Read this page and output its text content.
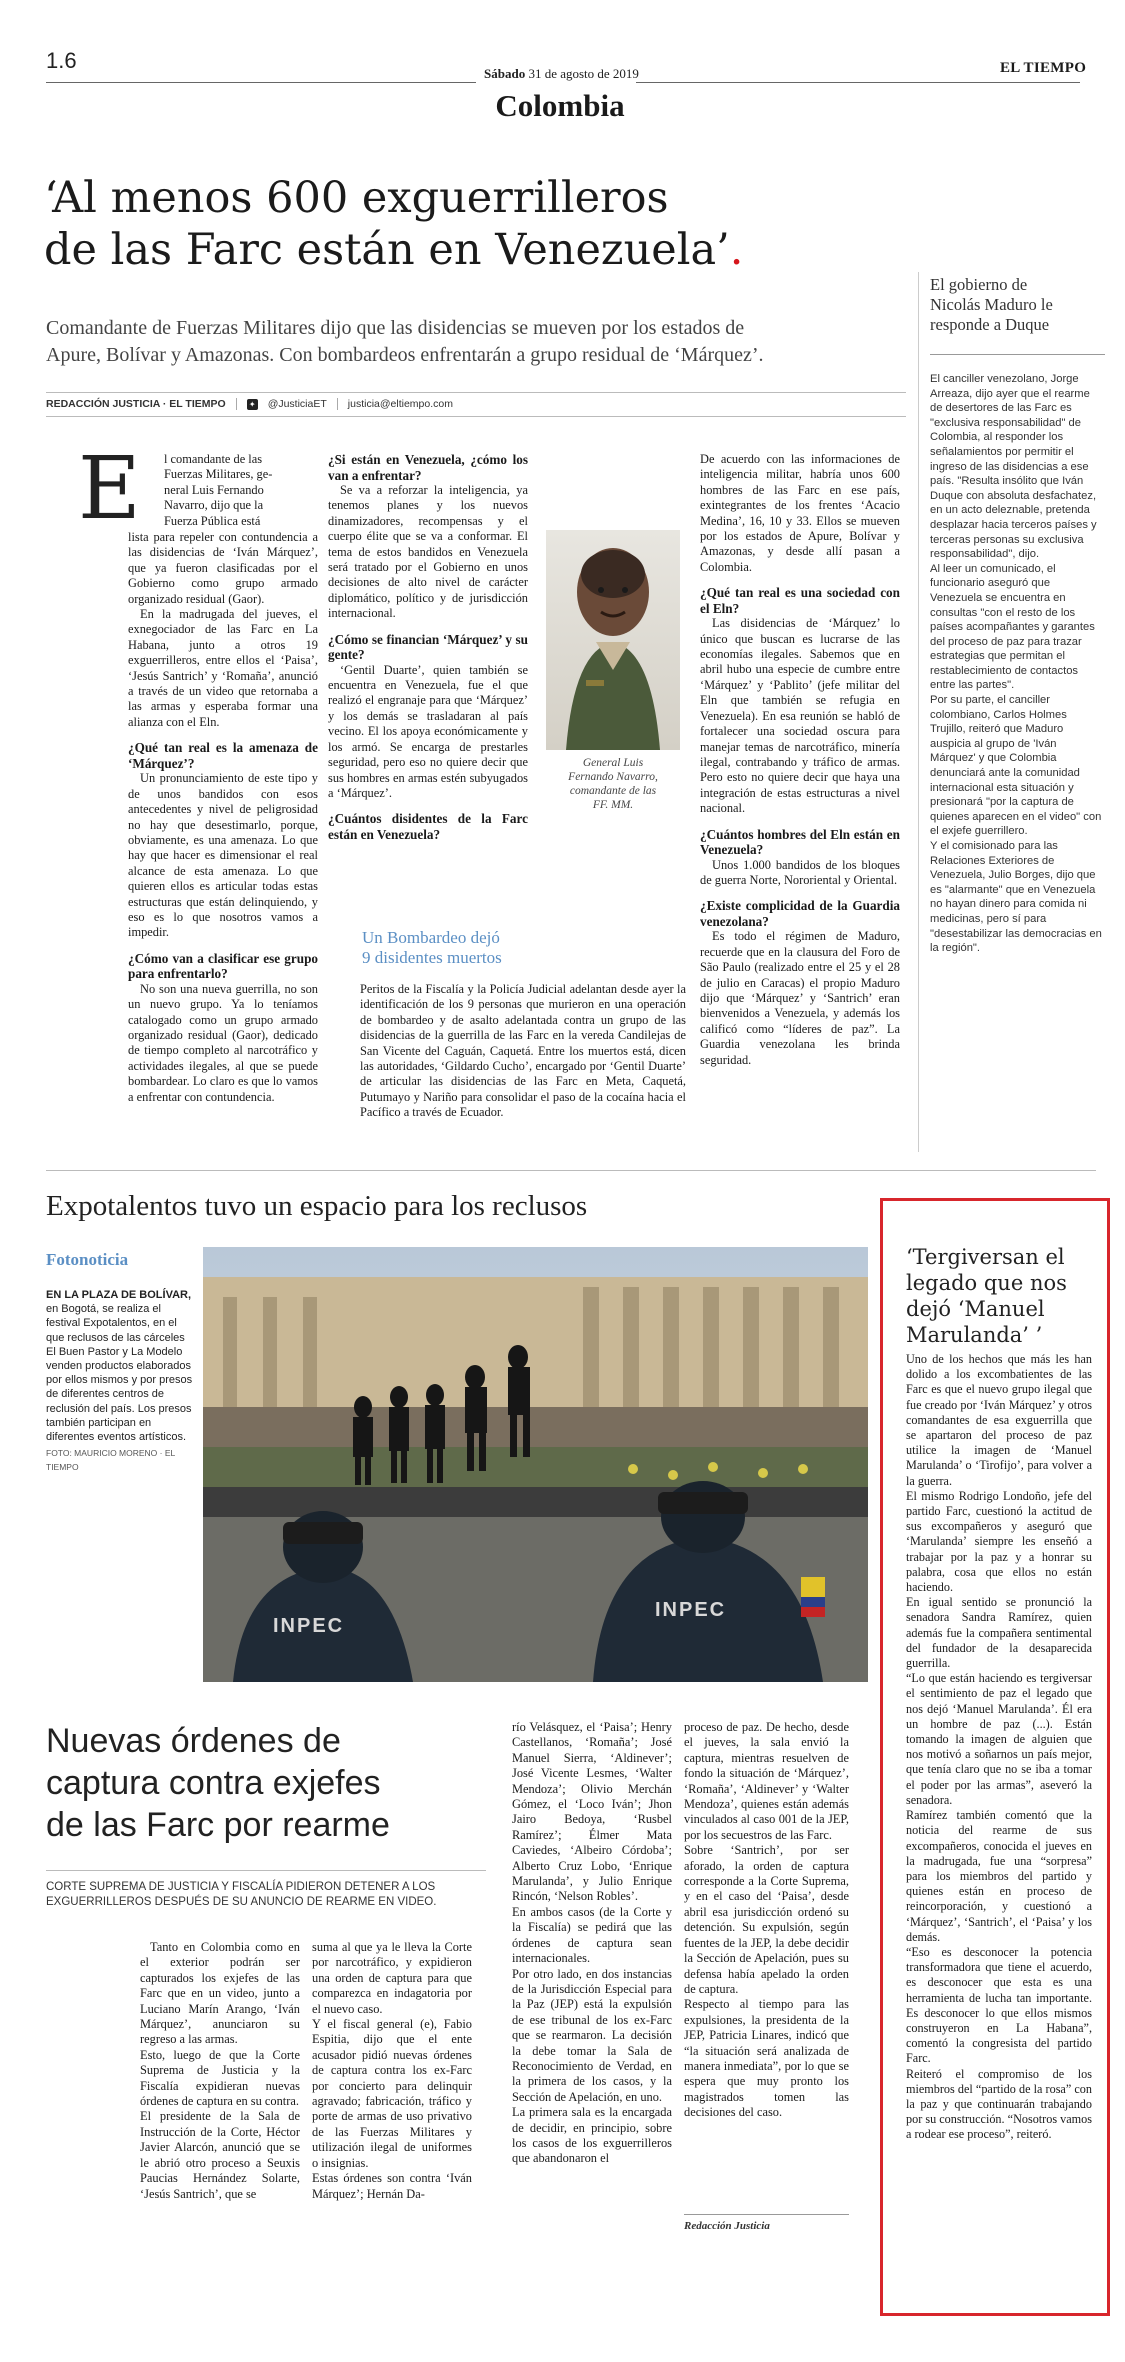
1.6
Sábado 31 de agosto de 2019	EL TIEMPO
Colombia
‘Al menos 600 exguerrilleros
de las Farc están en Venezuela’.
Comandante de Fuerzas Militares dijo que las disidencias se mueven por los estados de
Apure, Bolívar y Amazonas. Con bombardeos enfrentarán a grupo residual de ‘Márquez’.
REDACCIÓN JUSTICIA · EL TIEMPO	✦ @JusticiaET justicia@eltiempo.com
E l comandante de las
Fuerzas Militares, ge-
neral Luis Fernando
Navarro, dijo que la
Fuerza Pública está

lista para repeler con contundencia a las disidencias de ‘Iván Márquez’, que ya fueron clasificadas por el Gobierno como grupo armado organizado residual (Gaor).

En la madrugada del jueves, el exnegociador de las Farc en La Habana, junto a otros 19 exguerrilleros, entre ellos el ‘Paisa’, ‘Jesús Santrich’ y ‘Romaña’, anunció a través de un video que retornaba a las armas y esperaba formar una alianza con el Eln.

¿Qué tan real es la amenaza de ‘Márquez’?

Un pronunciamiento de este tipo y de unos bandidos con esos antecedentes y nivel de peligrosidad no hay que desestimarlo, porque, obviamente, es una amenaza. Lo que hay que hacer es dimensionar el real alcance de esta amenaza. Lo que quieren ellos es articular todas estas estructuras que están delinquiendo, y eso es lo que nosotros vamos a impedir.

¿Cómo van a clasificar ese grupo para enfrentarlo?

No son una nueva guerrilla, no son un nuevo grupo. Ya lo teníamos catalogado como un grupo armado organizado residual (Gaor), dedicado de tiempo completo al narcotráfico y actividades ilegales, al que se puede bombardear. Lo claro es que lo vamos a enfrentar con contundencia.

¿Si están en Venezuela, ¿cómo los van a enfrentar?

Se va a reforzar la inteligencia, ya tenemos planes y los nuevos dinamizadores, recompensas y el cuerpo élite que se va a conformar. El tema de estos bandidos en Venezuela será tratado por el Gobierno en unos decisiones de alto nivel de carácter diplomático, político y de jurisdicción internacional.

¿Cómo se financian ‘Márquez’ y su gente?

‘Gentil Duarte’, quien también se encuentra en Venezuela, fue el que realizó el engranaje para que ‘Márquez’ y los demás se trasladaran al país vecino. El los apoya económicamente y los armó. Se encarga de prestarles seguridad, pero eso no quiere decir que sus hombres en armas estén subyugados a ‘Márquez’.

¿Cuántos disidentes de la Farc están en Venezuela?
General Luis
Fernando Navarro,
comandante de las
FF. MM.

De acuerdo con las informaciones de inteligencia militar, habría unos 600 hombres de las Farc en ese país, exintegrantes de los frentes ‘Acacio Medina’, 16, 10 y 33. Ellos se mueven por los estados de Apure, Bolívar y Amazonas, y desde allí pasan a Colombia.

¿Qué tan real es una sociedad con el Eln?

Las disidencias de ‘Márquez’ lo único que buscan es lucrarse de las economías ilegales. Sabemos que en abril hubo una especie de cumbre entre ‘Márquez’ y ‘Pablito’ (jefe militar del Eln que también se refugia en Venezuela). En esa reunión se habló de fortalecer una sociedad oscura para manejar temas de narcotráfico, minería ilegal, contrabando y tráfico de armas. Pero esto no quiere decir que haya una integración de estas estructuras a nivel nacional.

¿Cuántos hombres del Eln están en Venezuela?

Unos 1.000 bandidos de los bloques de guerra Norte, Nororiental y Oriental.

¿Existe complicidad de la Guardia venezolana?

Es todo el régimen de Maduro, recuerde que en la clausura del Foro de São Paulo (realizado entre el 25 y el 28 de julio en Caracas) el propio Maduro dijo que ‘Márquez’ y ‘Santrich’ eran bienvenidos a Venezuela, y además los calificó como “líderes de paz”. La Guardia venezolana les brinda seguridad.

Un Bombardeo dejó
9 disidentes muertos

Peritos de la Fiscalía y la Policía Judicial adelantan desde ayer la identificación de los 9 personas que murieron en una operación de bombardeo y de asalto adelantada contra un grupo de las disidencias de la guerrilla de las Farc en la vereda Candilejas de San Vicente del Caguán, Caquetá. Entre los muertos está, dicen las autoridades, ‘Gildardo Cucho’, encargado por ‘Gentil Duarte’ de articular las disidencias de las Farc en Meta, Caquetá, Putumayo y Nariño para consolidar el paso de la cocaína hacia el Pacífico a través de Ecuador.

El gobierno de
Nicolás Maduro le
responde a Duque
El canciller venezolano, Jorge Arreaza, dijo ayer que el rearme de desertores de las Farc es "exclusiva responsabilidad" de Colombia, al responder los señalamientos por permitir el ingreso de las disidencias a ese país. "Resulta insólito que Iván Duque con absoluta desfachatez, en un acto deleznable, pretenda desplazar hacia terceros países y terceras personas su exclusiva responsabilidad", dijo.
Al leer un comunicado, el funcionario aseguró que Venezuela se encuentra en consultas "con el resto de los países acompañantes y garantes del proceso de paz para trazar estrategias que permitan el restablecimiento de contactos entre las partes".
Por su parte, el canciller colombiano, Carlos Holmes Trujillo, reiteró que Maduro auspicia al grupo de 'Iván Márquez' y que Colombia denunciará ante la comunidad internacional esta situación y presionará "por la captura de quienes aparecen en el video" con el exjefe guerrillero.
Y el comisionado para las Relaciones Exteriores de Venezuela, Julio Borges, dijo que es "alarmante" que en Venezuela no hayan dinero para comida ni medicinas, pero sí para "desestabilizar las democracias en la región".
Expotalentos tuvo un espacio para los reclusos
Fotonoticia
EN LA PLAZA DE BOLÍVAR, en Bogotá, se realiza el festival Expotalentos, en el que reclusos de las cárceles El Buen Pastor y La Modelo venden productos elaborados por ellos mismos y por presos de diferentes centros de reclusión del país. Los presos también participan en diferentes eventos artísticos.
FOTO: MAURICIO MORENO · EL TIEMPO
INPEC
INPEC
Nuevas órdenes de
captura contra exjefes
de las Farc por rearme
CORTE SUPREMA DE JUSTICIA Y FISCALÍA PIDIERON DETENER A LOS EXGUERRILLEROS DESPUÉS DE SU ANUNCIO DE REARME EN VIDEO.
Tanto en Colombia como en el exterior podrán ser capturados los exjefes de las Farc que en un video, junto a Luciano Marín Arango, ‘Iván Márquez’, anunciaron su regreso a las armas.
Esto, luego de que la Corte Suprema de Justicia y la Fiscalía expidieran nuevas órdenes de captura en su contra.
El presidente de la Sala de Instrucción de la Corte, Héctor Javier Alarcón, anunció que se le abrió otro proceso a Seuxis Paucias Hernández Solarte, ‘Jesús Santrich’, que se
suma al que ya le lleva la Corte por narcotráfico, y expidieron una orden de captura para que comparezca en indagatoria por el nuevo caso.
Y el fiscal general (e), Fabio Espitia, dijo que el ente acusador pidió nuevas órdenes de captura contra los ex-Farc por concierto para delinquir agravado; fabricación, tráfico y porte de armas de uso privativo de las Fuerzas Militares y utilización ilegal de uniformes o insignias.
Estas órdenes son contra ‘Iván Márquez’; Hernán Da-
río Velásquez, el ‘Paisa’; Henry Castellanos, ‘Romaña’; José Manuel Sierra, ‘Aldinever’; José Vicente Lesmes, ‘Walter Mendoza’; Olivio Merchán Gómez, el ‘Loco Iván’; Jhon Jairo Bedoya, ‘Rusbel Ramírez’; Élmer Mata Caviedes, ‘Albeiro Córdoba’; Alberto Cruz Lobo, ‘Enrique Marulanda’, y Julio Enrique Rincón, ‘Nelson Robles’.
En ambos casos (de la Corte y la Fiscalía) se pedirá que las órdenes de captura sean internacionales.
Por otro lado, en dos instancias de la Jurisdicción Especial para la Paz (JEP) está la expulsión de ese tribunal de los ex-Farc que se rearmaron. La decisión la debe tomar la Sala de Reconocimiento de Verdad, en la primera de los casos, y la Sección de Apelación, en uno.
La primera sala es la encargada de decidir, en principio, sobre los casos de los exguerrilleros que abandonaron el
proceso de paz. De hecho, desde el jueves, la sala envió la captura, mientras resuelven de fondo la situación de ‘Márquez’, ‘Romaña’, ‘Aldinever’ y ‘Walter Mendoza’, quienes están además vinculados al caso 001 de la JEP, por los secuestros de las Farc.
Sobre ‘Santrich’, por ser aforado, la orden de captura corresponde a la Corte Suprema, y en el caso del ‘Paisa’, desde abril esa jurisdicción ordenó su detención. Su expulsión, según fuentes de la JEP, la debe decidir la Sección de Apelación, pues su defensa había apelado la orden de captura.
Respecto al tiempo para las expulsiones, la presidenta de la JEP, Patricia Linares, indicó que “la situación será analizada de manera inmediata”, por lo que se espera que muy pronto los magistrados tomen las decisiones del caso.
Redacción Justicia
‘Tergiversan el
legado que nos
dejó ‘Manuel
Marulanda’ ’
Uno de los hechos que más les han dolido a los excombatientes de las Farc es que el nuevo grupo ilegal que fue creado por ‘Iván Márquez’ y otros comandantes de esa exguerrilla que se apartaron del proceso de paz utilice la imagen de ‘Manuel Marulanda’ o ‘Tirofijo’, para volver a la guerra.
El mismo Rodrigo Londoño, jefe del partido Farc, cuestionó la actitud de sus excompañeros y aseguró que ‘Marulanda’ siempre les enseñó a trabajar por la paz y a honrar su palabra, cosa que ellos no están haciendo.
En igual sentido se pronunció la senadora Sandra Ramírez, quien además fue la compañera sentimental del fundador de la desaparecida guerrilla.
“Lo que están haciendo es tergiversar el sentimiento de paz el legado que nos dejó ‘Manuel Marulanda’. Él era un hombre de paz (...). Están tomando la imagen de alguien que nos motivó a soñarnos un país mejor, que tenía claro que no se iba a tomar el poder por las armas”, aseveró la senadora.
Ramírez también comentó que la noticia del rearme de sus excompañeros, conocida el jueves en la madrugada, fue una “sorpresa” para los miembros del partido y quienes están en proceso de reincorporación, y cuestionó a ‘Márquez’, ‘Santrich’, el ‘Paisa’ y los demás.
“Eso es desconocer la potencia transformadora que tiene el acuerdo, es desconocer que esta es una herramienta de lucha tan importante. Es desconocer lo que ellos mismos construyeron en La Habana”, comentó la congresista del partido Farc.
Reiteró el compromiso de los miembros del “partido de la rosa” con la paz y que continuarán trabajando por su construcción. “Nosotros vamos a rodear ese proceso”, reiteró.
